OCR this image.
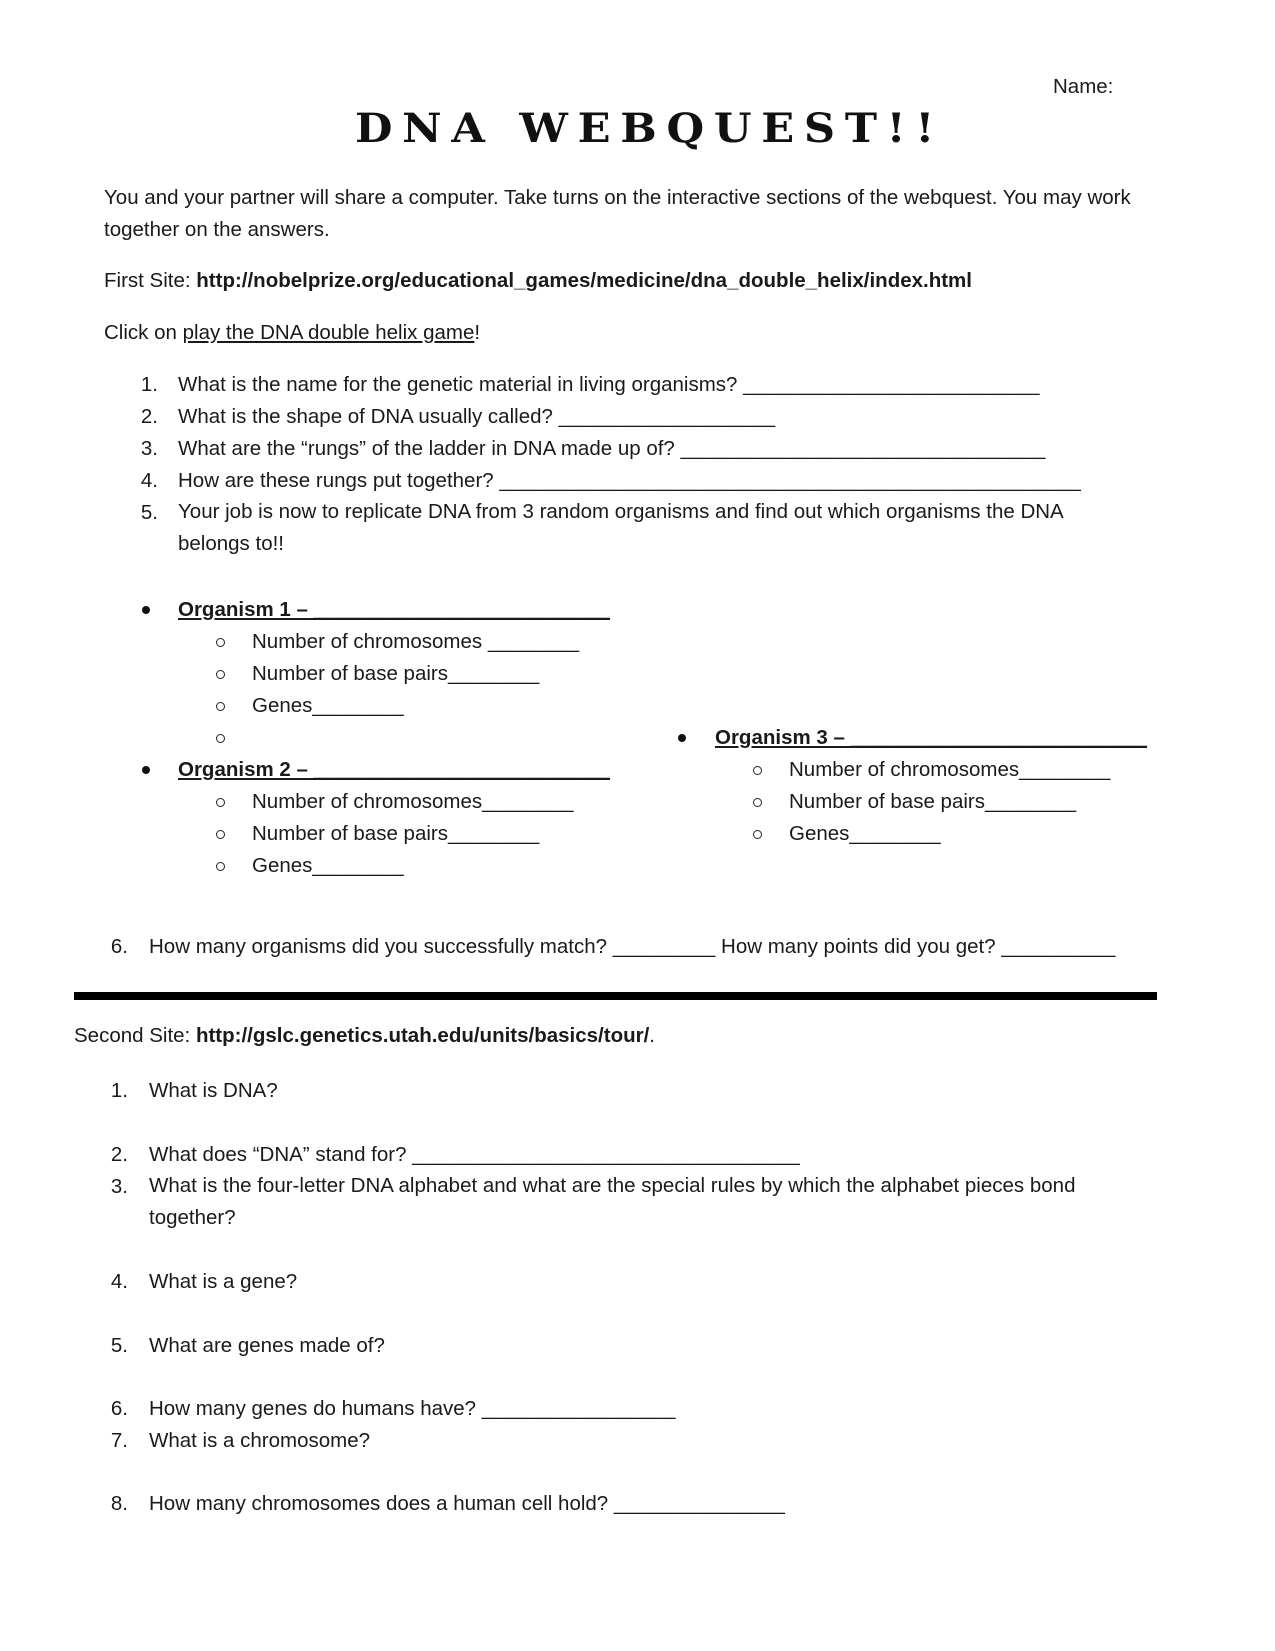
Name:
DNA WEBQUEST!!
You and your partner will share a computer. Take turns on the interactive sections of the webquest. You may work together on the answers.
First Site: http://nobelprize.org/educational_games/medicine/dna_double_helix/index.html
Click on play the DNA double helix game!
1. What is the name for the genetic material in living organisms? __________________________
2. What is the shape of DNA usually called? ___________________
3. What are the “rungs” of the ladder in DNA made up of? ________________________________
4. How are these rungs put together? ___________________________________________________
5. Your job is now to replicate DNA from 3 random organisms and find out which organisms the DNA belongs to!!
Organism 1 – __________________________
Number of chromosomes ________
Number of base pairs________
Genes________
Organism 2 – __________________________
Number of chromosomes________
Number of base pairs________
Genes________
Organism 3 – __________________________
Number of chromosomes________
Number of base pairs________
Genes________
6. How many organisms did you successfully match? _________ How many points did you get? __________
Second Site: http://gslc.genetics.utah.edu/units/basics/tour/.
1. What is DNA?
2. What does “DNA” stand for? __________________________________
3. What is the four-letter DNA alphabet and what are the special rules by which the alphabet pieces bond together?
4. What is a gene?
5. What are genes made of?
6. How many genes do humans have? _________________
7. What is a chromosome?
8. How many chromosomes does a human cell hold? _______________
